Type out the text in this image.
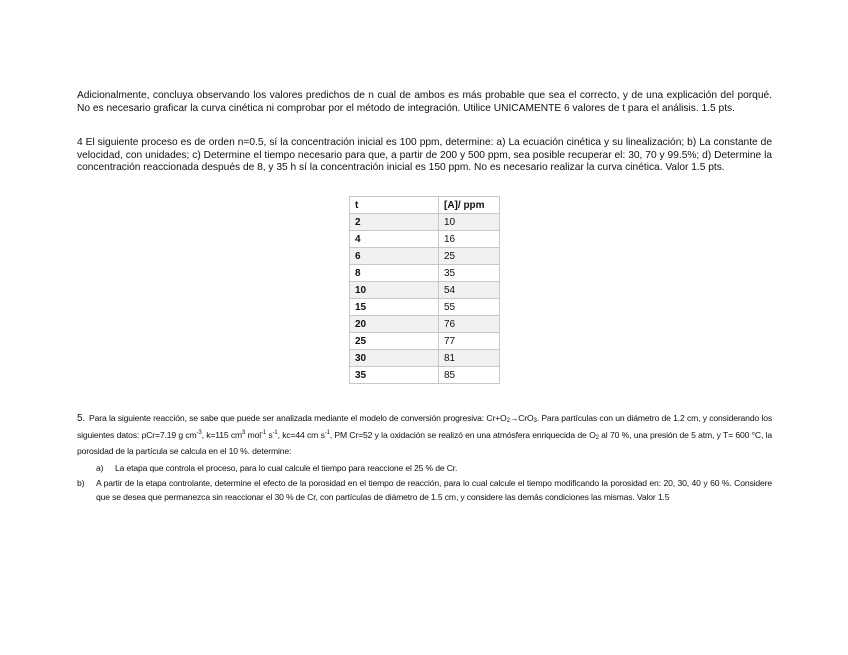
Adicionalmente, concluya observando los valores predichos de n cual de ambos es más probable que sea el correcto, y de una explicación del porqué. No es necesario graficar la curva cinética ni comprobar por el método de integración. Utilice UNICAMENTE 6 valores de t para el análisis. 1.5 pts.

4 El siguiente proceso es de orden n=0.5, sí la concentración inicial es 100 ppm, determine: a) La ecuación cinética y su linealización; b) La constante de velocidad, con unidades; c) Determine el tiempo necesario para que, a partir de 200 y 500 ppm, sea posible recuperar el: 30, 70 y 99.5%; d) Determine la concentración reaccionada después de 8, y 35 h sí la concentración inicial es 150 ppm. No es necesario realizar la curva cinética. Valor 1.5 pts.

t	[A]/ ppm
2	10
4	16
6	25
8	35
10	54
15	55
20	76
25	77
30	81
35	85

5. Para la siguiente reacción, se sabe que puede ser analizada mediante el modelo de conversión progresiva: Cr+O2→CrO3. Para partículas con un diámetro de 1.2 cm, y considerando los siguientes datos: ρCr=7.19 g $cm^{-3}$, k=115 $cm^3$ mol$^{-1}$ $s^{-1}$, kc=44 cm $s^{-1}$, PM Cr=52 y la oxidación se realizó en una atmósfera enriquecida de O2 al 70 %, una presión de 5 atm, y T= 600 °C, la porosidad de la partícula se calcula en el 10 %. determine:

a) La etapa que controla el proceso, para lo cual calcule el tiempo para reaccione el 25 % de Cr.
b) A partir de la etapa controlante, determine el efecto de la porosidad en el tiempo de reacción, para lo cual calcule el tiempo modificando la porosidad en: 20, 30, 40 y 60 %. Considere que se desea que permanezca sin reaccionar el 30 % de Cr, con partículas de diámetro de 1.5 cm, y considere las demás condiciones las mismas. Valor 1.5
